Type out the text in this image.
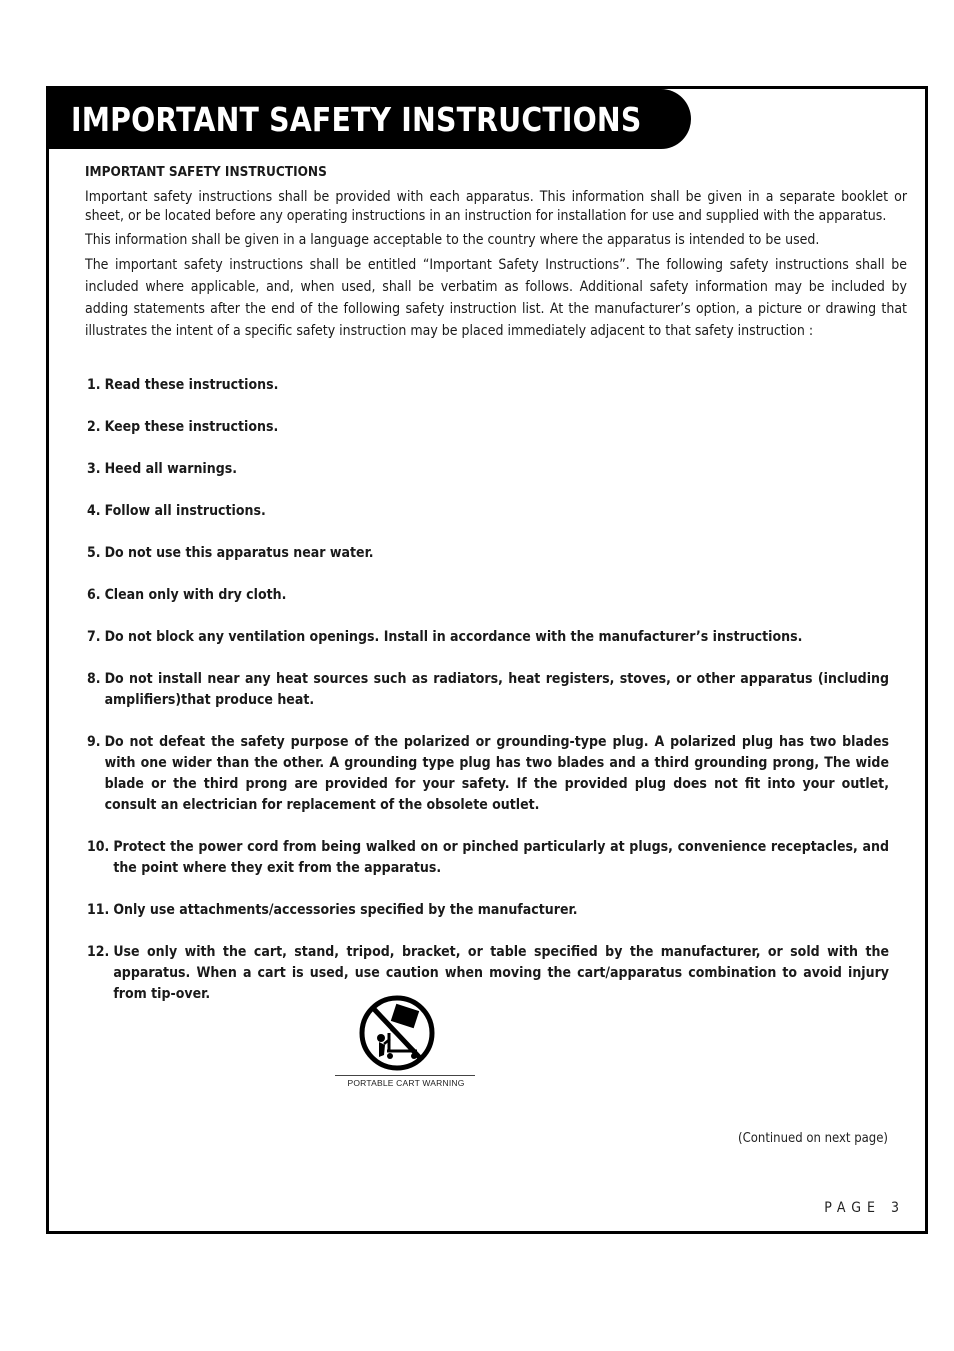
IMPORTANT SAFETY INSTRUCTIONS
IMPORTANT SAFETY INSTRUCTIONS

Important safety instructions shall be provided with each apparatus. This information shall be given in a separate booklet or sheet, or be located before any operating instructions in an instruction for installation for use and supplied with the apparatus.

This information shall be given in a language acceptable to the country where the apparatus is intended to be used.

The important safety instructions shall be entitled “Important Safety Instructions”. The following safety instructions shall be included where applicable, and, when used, shall be verbatim as follows. Additional safety information may be included by adding statements after the end of the following safety instruction list. At the manufacturer’s option, a picture or drawing that illustrates the intent of a specific safety instruction may be placed immediately adjacent to that safety instruction :

1. Read these instructions.
2. Keep these instructions.
3. Heed all warnings.
4. Follow all instructions.
5. Do not use this apparatus near water.
6. Clean only with dry cloth.
7. Do not block any ventilation openings. Install in accordance with the manufacturer’s instructions.
8. Do not install near any heat sources such as radiators, heat registers, stoves, or other apparatus (including amplifiers)that produce heat.
9. Do not defeat the safety purpose of the polarized or grounding-type plug. A polarized plug has two blades with one wider than the other. A grounding type plug has two blades and a third grounding prong, The wide blade or the third prong are provided for your safety. If the provided plug does not fit into your outlet, consult an electrician for replacement of the obsolete outlet.
10. Protect the power cord from being walked on or pinched particularly at plugs, convenience receptacles, and the point where they exit from the apparatus.
11. Only use attachments/accessories specified by the manufacturer.
12. Use only with the cart, stand, tripod, bracket, or table specified by the manufacturer, or sold with the apparatus. When a cart is used, use caution when moving the cart/apparatus combination to avoid injury from tip-over.
PORTABLE CART WARNING
(Continued on next page)
PAGE 3
